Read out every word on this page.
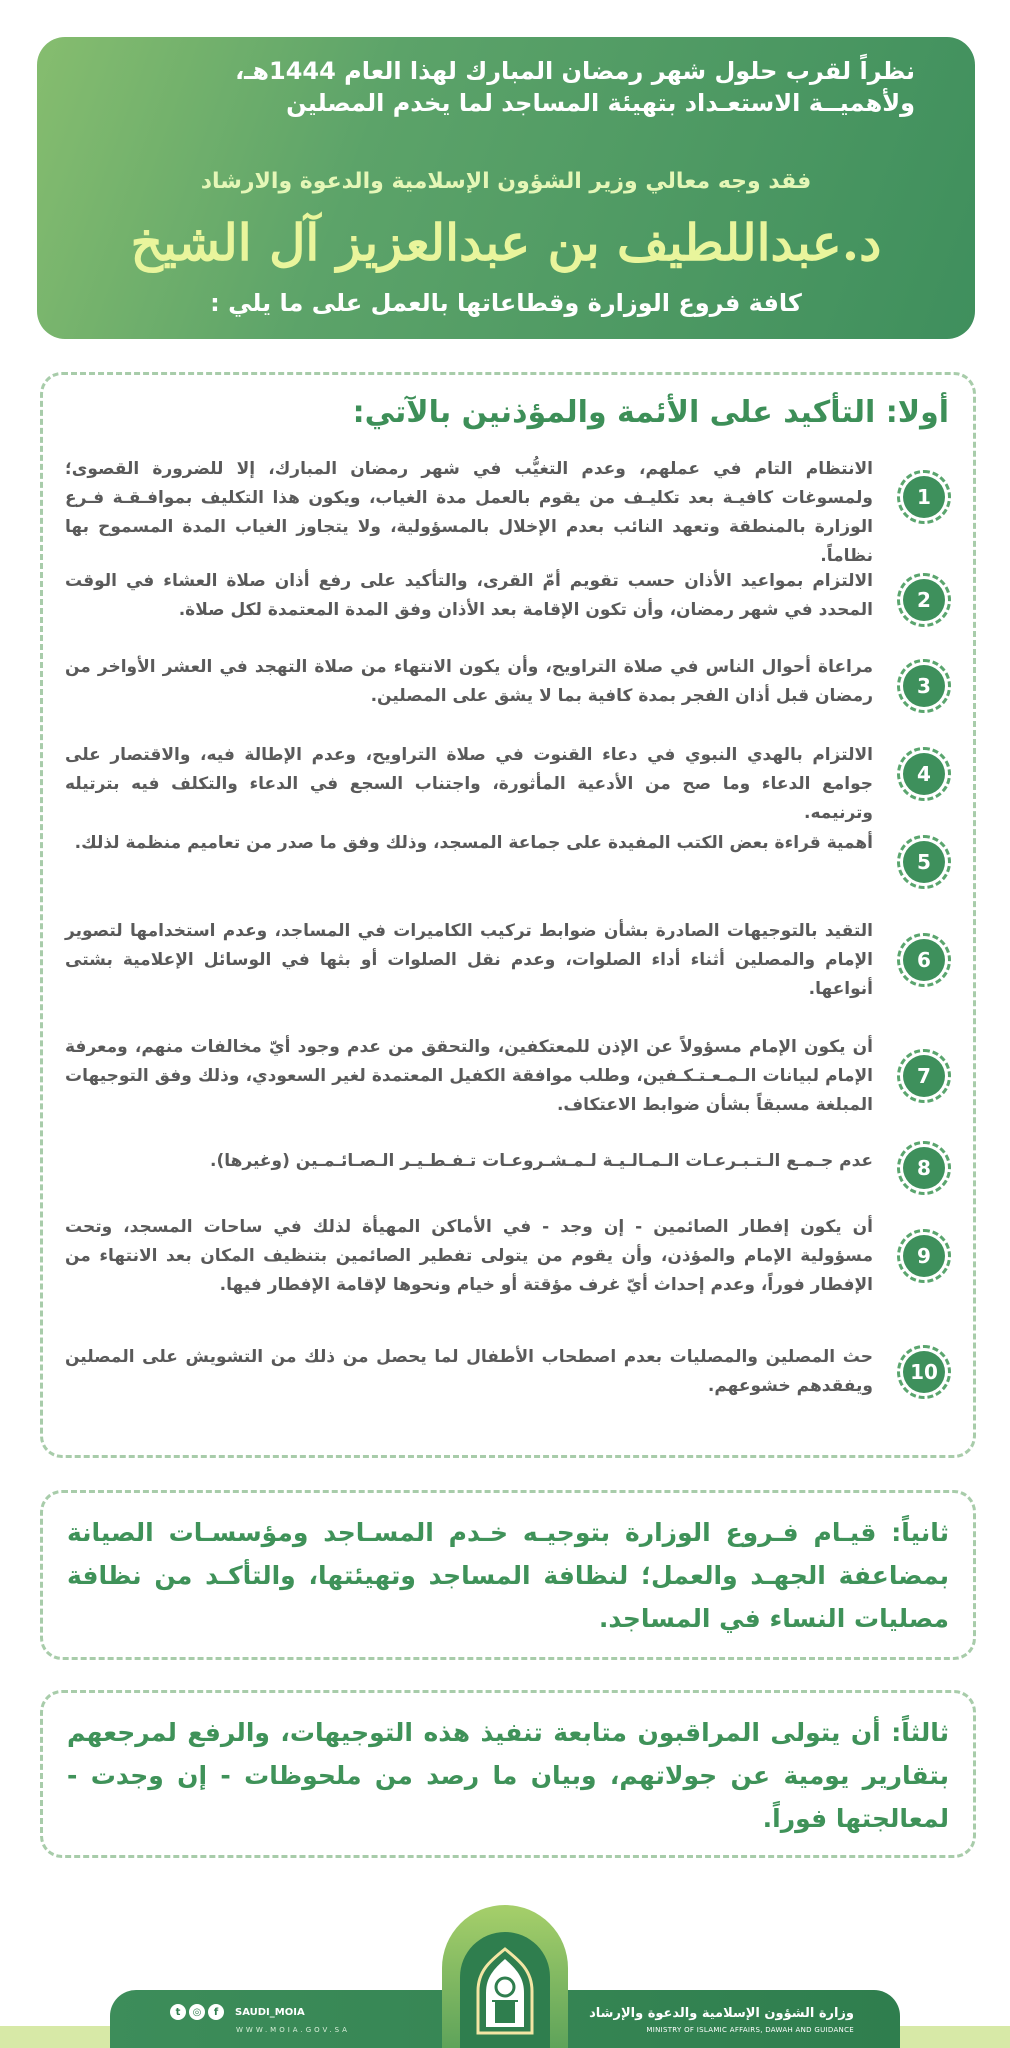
نظراً لقرب حلول شهر رمضان المبارك لهذا العام 1444هـ،
ولأهميــة الاستعـداد بتهيئة المساجد لما يخدم المصلين
فقد وجه معالي وزير الشؤون الإسلامية والدعوة والارشاد
د.عبداللطيف بن عبدالعزيز آل الشيخ
كافة فروع الوزارة وقطاعاتها بالعمل على ما يلي :
أولا: التأكيد على الأئمة والمؤذنين بالآتي:
1
الانتظام التام في عملهم، وعدم التغيُّب في شهر رمضان المبارك، إلا للضرورة القصوى؛ ولمسوغات كافيـة بعد تكليـف من يقوم بالعمل مدة الغياب، ويكون هذا التكليف بموافـقـة فـرع الوزارة بالمنطقة وتعهد النائب بعدم الإخلال بالمسؤولية، ولا يتجاوز الغياب المدة المسموح بها نظاماً.
2
الالتزام بمواعيد الأذان حسب تقويم أمّ القرى، والتأكيد على رفع أذان صلاة العشاء في الوقت المحدد في شهر رمضان، وأن تكون الإقامة بعد الأذان وفق المدة المعتمدة لكل صلاة.
3
مراعاة أحوال الناس في صلاة التراويح، وأن يكون الانتهاء من صلاة التهجد في العشر الأواخر من رمضان قبل أذان الفجر بمدة كافية بما لا يشق على المصلين.
4
الالتزام بالهدي النبوي في دعاء القنوت في صلاة التراويح، وعدم الإطالة فيه، والاقتصار على جوامع الدعاء وما صح من الأدعية المأثورة، واجتناب السجع في الدعاء والتكلف فيه بترتيله وترنيمه.
5
أهمية قراءة بعض الكتب المفيدة على جماعة المسجد، وذلك وفق ما صدر من تعاميم منظمة لذلك.
6
التقيد بالتوجيهات الصادرة بشأن ضوابط تركيب الكاميرات في المساجد، وعدم استخدامها لتصوير الإمام والمصلين أثناء أداء الصلوات، وعدم نقل الصلوات أو بثها في الوسائل الإعلامية بشتى أنواعها.
7
أن يكون الإمام مسؤولاً عن الإذن للمعتكفين، والتحقق من عدم وجود أيّ مخالفات منهم، ومعرفة الإمام لبيانات الـمـعـتـكـفين، وطلب موافقة الكفيل المعتمدة لغير السعودي، وذلك وفق التوجيهات المبلغة مسبقاً بشأن ضوابط الاعتكاف.
8
عدم جـمـع الـتـبـرعـات الـمـالـيـة لـمـشـروعـات تـفـطـيـر الـصـائـمـين (وغيرها).
9
أن يكون إفطار الصائمين - إن وجد - في الأماكن المهيأة لذلك في ساحات المسجد، وتحت مسؤولية الإمام والمؤذن، وأن يقوم من يتولى تفطير الصائمين بتنظيف المكان بعد الانتهاء من الإفطار فوراً، وعدم إحداث أيّ غرف مؤقتة أو خيام ونحوها لإقامة الإفطار فيها.
10
حث المصلين والمصليات بعدم اصطحاب الأطفال لما يحصل من ذلك من التشويش على المصلين ويفقدهم خشوعهم.
ثانياً: قيـام فـروع الوزارة بتوجيـه خـدم المسـاجد ومؤسسـات الصيانة بمضاعفة الجهـد والعمل؛ لنظافة المساجد وتهيئتها، والتأكـد من نظافة مصليات النساء في المساجد.
ثالثاً: أن يتولى المراقبون متابعة تنفيذ هذه التوجيهات، والرفع لمرجعهم بتقارير يومية عن جولاتهم، وبيان ما رصد من ملحوظات - إن وجدت - لمعالجتها فوراً.
وزارة الشؤون الإسلامية والدعوة والإرشاد
MINISTRY OF ISLAMIC AFFAIRS, DAWAH AND GUIDANCE
t	◎	f	SAUDI_MOIA
WWW.MOIA.GOV.SA
